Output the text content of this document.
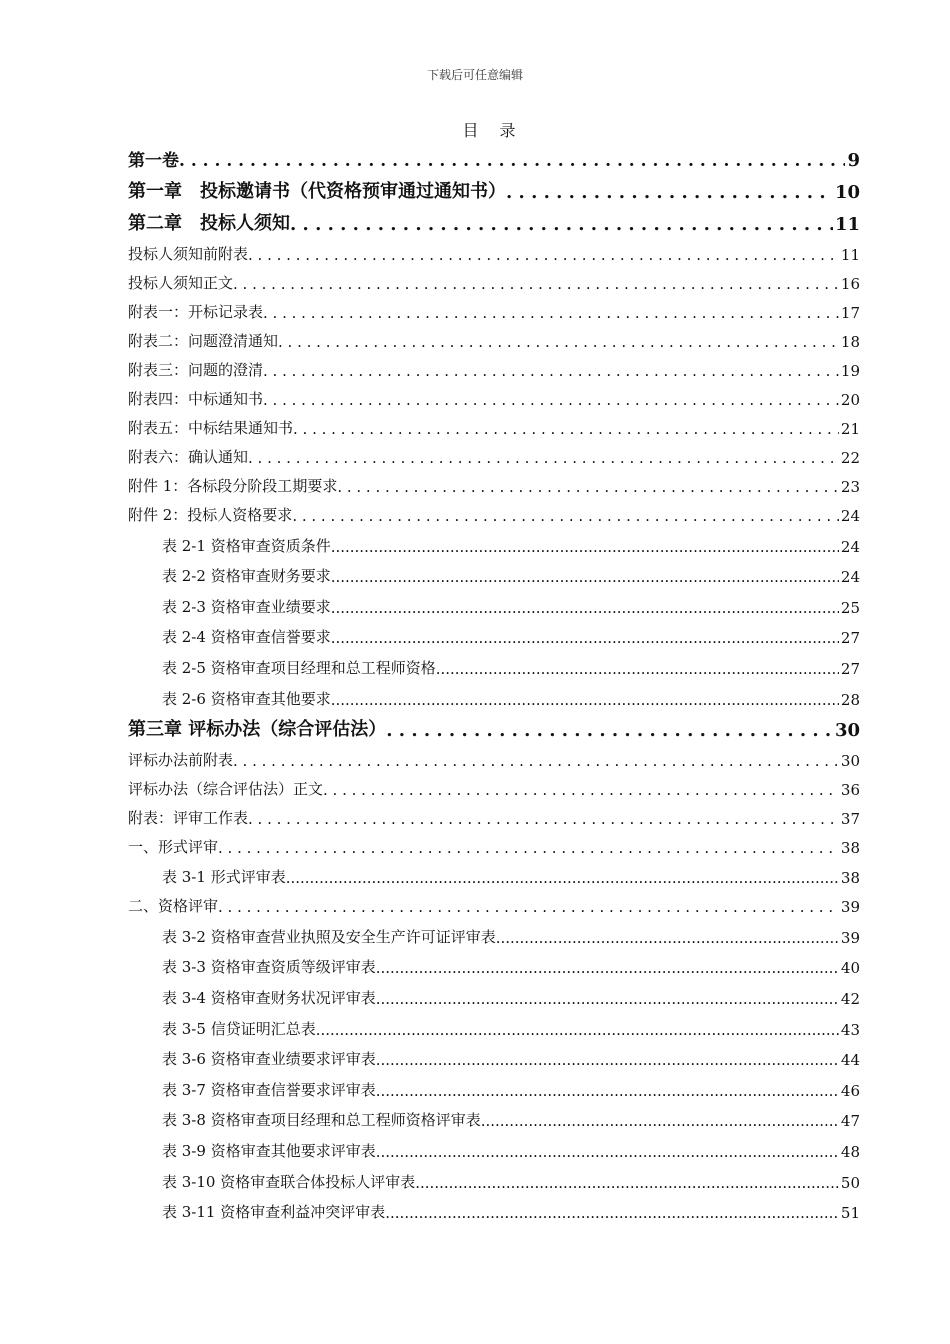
下载后可任意编辑
目 录
第一卷 . . .	9
第一章　投标邀请书（代资格预审通过通知书） . . .	10
第二章　投标人须知 . . .	11
投标人须知前附表 . . .	11
投标人须知正文 . . .	16
附表一：开标记录表 . . .	17
附表二：问题澄清通知 . . .	18
附表三：问题的澄清 . . .	19
附表四：中标通知书 . . .	20
附表五：中标结果通知书 . . .	21
附表六：确认通知 . . .	22
附件 1：各标段分阶段工期要求 . . .	23
附件 2：投标人资格要求 . . .	24
表 2-1 资格审查资质条件 .....	24
表 2-2 资格审查财务要求 .....	24
表 2-3 资格审查业绩要求 .....	25
表 2-4 资格审查信誉要求 .....	27
表 2-5 资格审查项目经理和总工程师资格 .....	27
表 2-6 资格审查其他要求 .....	28
第三章 评标办法（综合评估法） . . .	30
评标办法前附表 . . .	30
评标办法（综合评估法）正文 . . .	36
附表：评审工作表 . . .	37
一、形式评审 . . .	38
表 3-1 形式评审表 .....	38
二、资格评审 . . .	39
表 3-2 资格审查营业执照及安全生产许可证评审表 .....	39
表 3-3 资格审查资质等级评审表 .....	40
表 3-4 资格审查财务状况评审表 .....	42
表 3-5 信贷证明汇总表 .....	43
表 3-6 资格审查业绩要求评审表 .....	44
表 3-7 资格审查信誉要求评审表 .....	46
表 3-8 资格审查项目经理和总工程师资格评审表 .....	47
表 3-9 资格审查其他要求评审表 .....	48
表 3-10 资格审查联合体投标人评审表 .....	50
表 3-11 资格审查利益冲突评审表 .....	51
